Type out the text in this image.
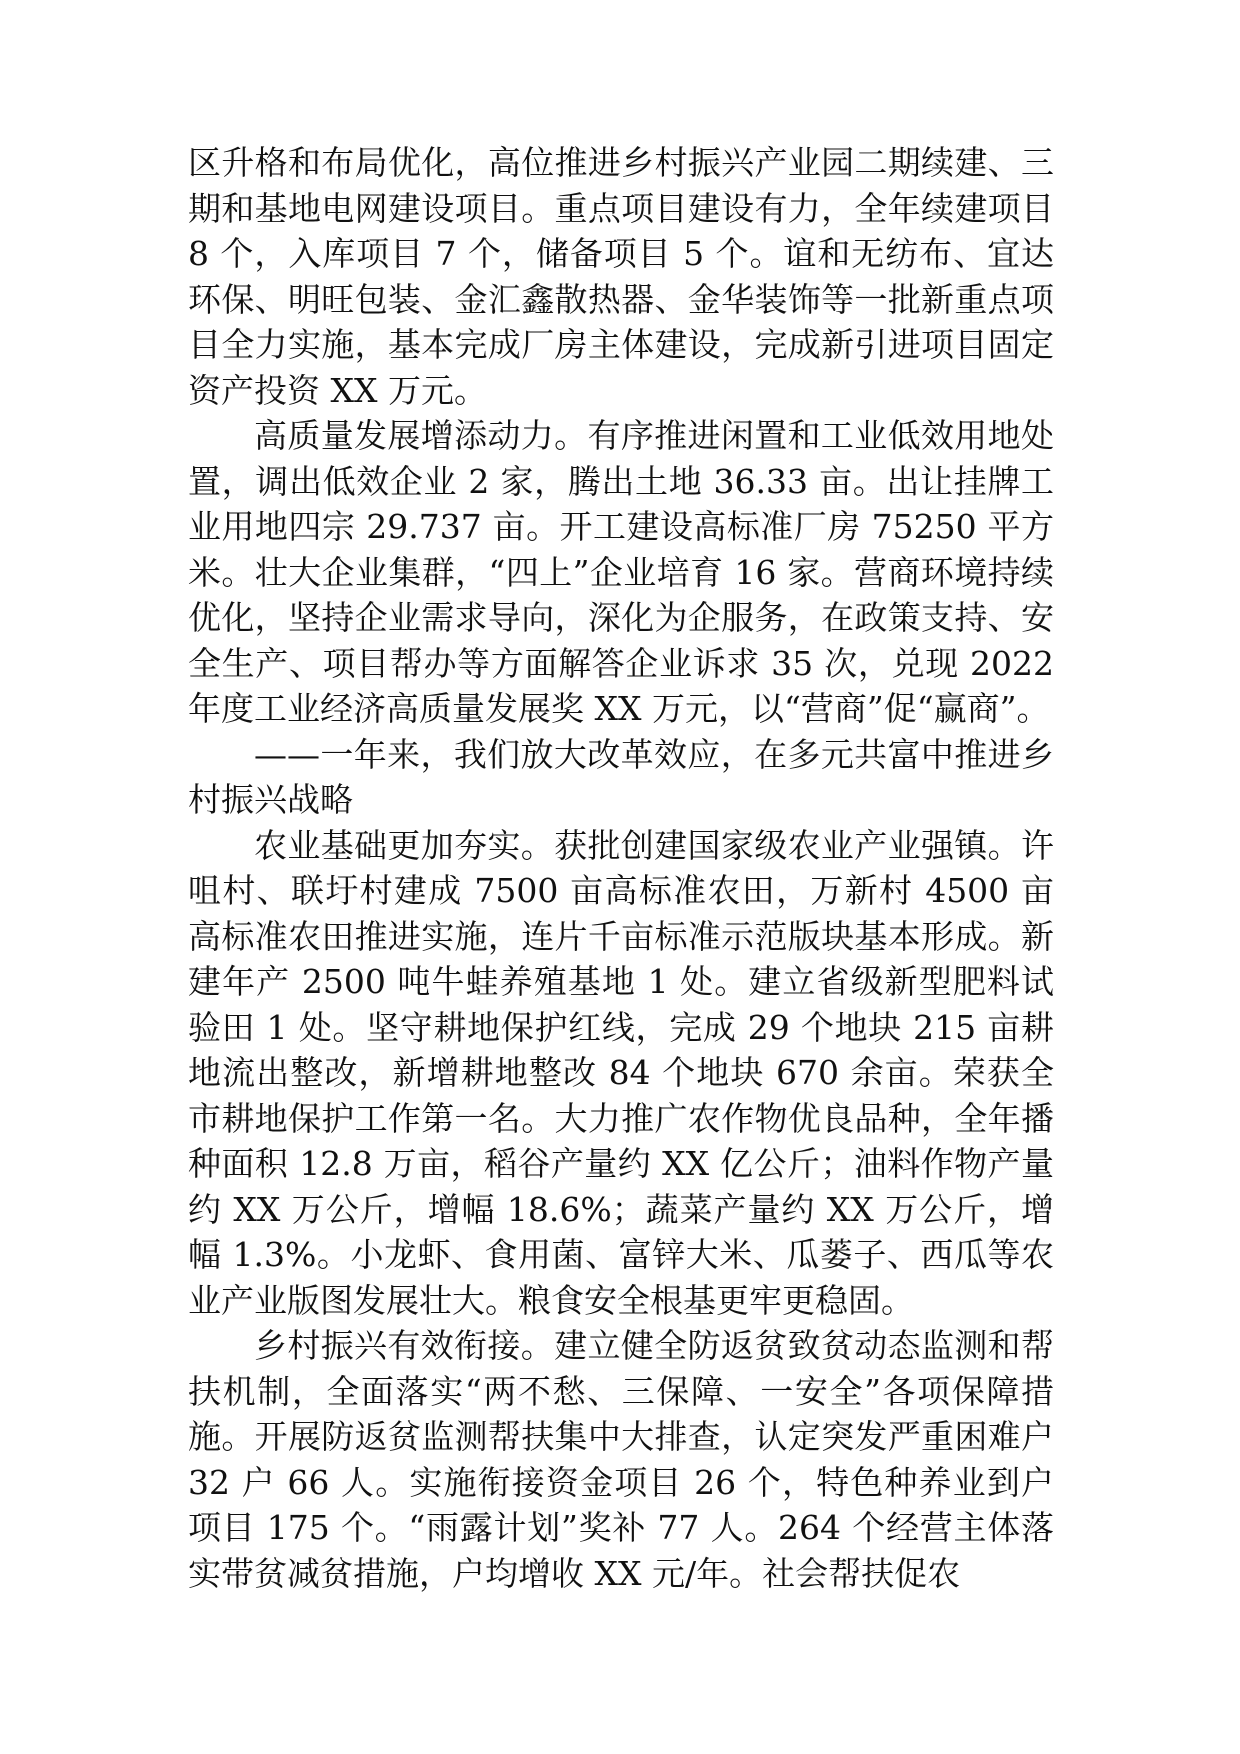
区升格和布局优化，高位推进乡村振兴产业园二期续建、三期和基地电网建设项目。重点项目建设有力，全年续建项目 8 个，入库项目 7 个，储备项目 5 个。谊和无纺布、宜达环保、明旺包装、金汇鑫散热器、金华装饰等一批新重点项目全力实施，基本完成厂房主体建设，完成新引进项目固定资产投资 XX 万元。

高质量发展增添动力。有序推进闲置和工业低效用地处置，调出低效企业 2 家，腾出土地 36.33 亩。出让挂牌工业用地四宗 29.737 亩。开工建设高标准厂房 75250 平方米。壮大企业集群，“四上”企业培育 16 家。营商环境持续优化，坚持企业需求导向，深化为企服务，在政策支持、安全生产、项目帮办等方面解答企业诉求 35 次，兑现 2022 年度工业经济高质量发展奖 XX 万元，以“营商”促“赢商”。

——一年来，我们放大改革效应，在多元共富中推进乡村振兴战略

农业基础更加夯实。获批创建国家级农业产业强镇。许咀村、联圩村建成 7500 亩高标准农田，万新村 4500 亩高标准农田推进实施，连片千亩标准示范版块基本形成。新建年产 2500 吨牛蛙养殖基地 1 处。建立省级新型肥料试验田 1 处。坚守耕地保护红线，完成 29 个地块 215 亩耕地流出整改，新增耕地整改 84 个地块 670 余亩。荣获全市耕地保护工作第一名。大力推广农作物优良品种，全年播种面积 12.8 万亩，稻谷产量约 XX 亿公斤；油料作物产量约 XX 万公斤，增幅 18.6%；蔬菜产量约 XX 万公斤，增幅 1.3%。小龙虾、食用菌、富锌大米、瓜蒌子、西瓜等农业产业版图发展壮大。粮食安全根基更牢更稳固。

乡村振兴有效衔接。建立健全防返贫致贫动态监测和帮扶机制，全面落实“两不愁、三保障、一安全”各项保障措施。开展防返贫监测帮扶集中大排查，认定突发严重困难户 32 户 66 人。实施衔接资金项目 26 个，特色种养业到户项目 175 个。“雨露计划”奖补 77 人。264 个经营主体落实带贫减贫措施，户均增收 XX 元/年。社会帮扶促农
